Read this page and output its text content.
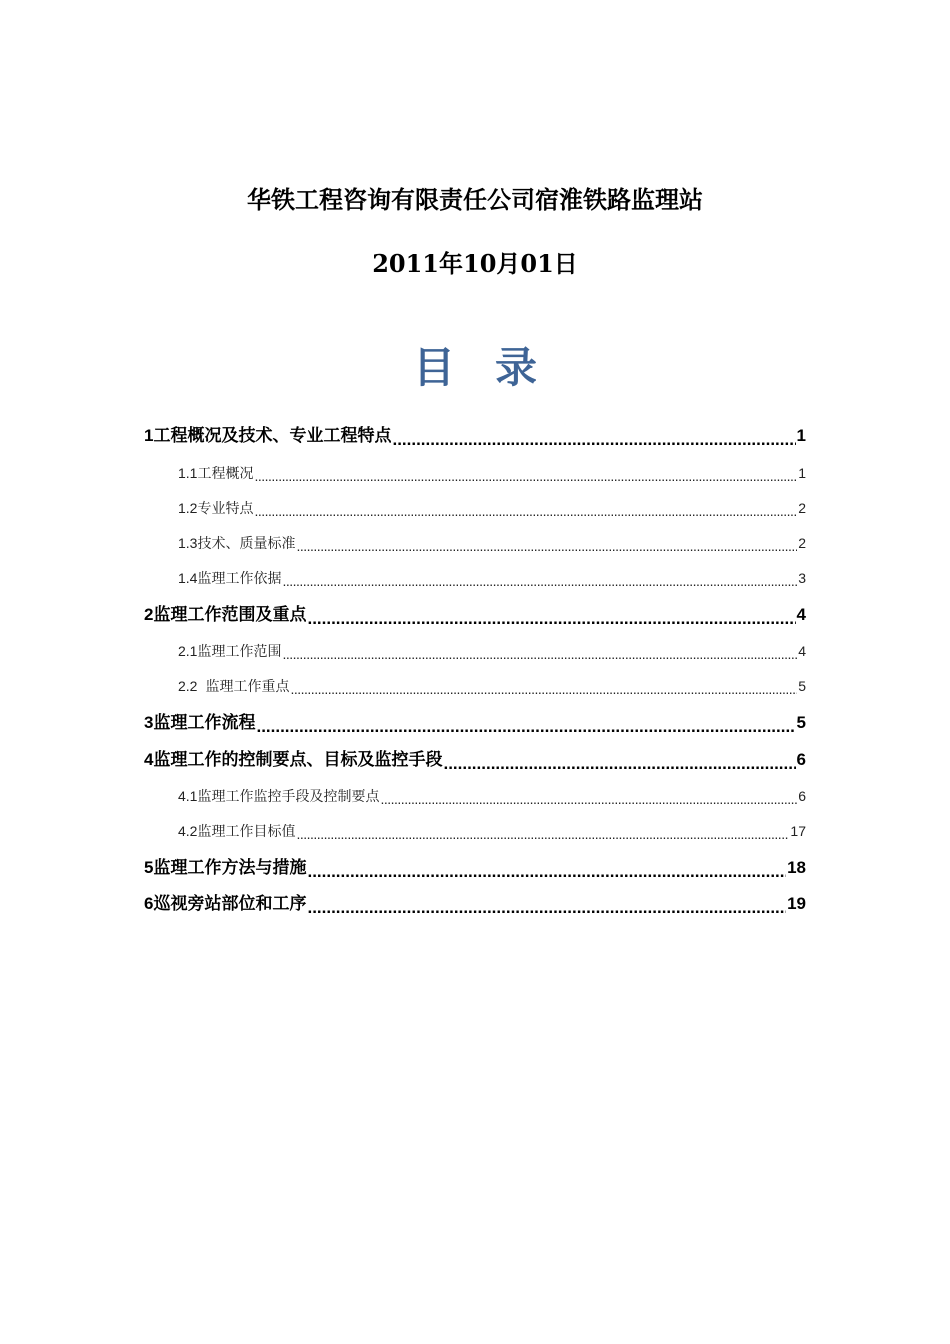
华铁工程咨询有限责任公司宿淮铁路监理站
2011年10月01日
目录
1 工程概况及技术、专业工程特点 .....	1
1.1 工程概况 .....	1
1.2 专业特点 .....	2
1.3 技术、质量标准 .....	2
1.4 监理工作依据 .....	3
2 监理工作范围及重点 .....	4
2.1 监理工作范围 .....	4
2.2 监理工作重点 .....	5
3 监理工作流程 .....	5
4 监理工作的控制要点、目标及监控手段 .....	6
4.1 监理工作监控手段及控制要点 .....	6
4.2 监理工作目标值 .....	17
5 监理工作方法与措施 .....	18
6 巡视旁站部位和工序 .....	19
